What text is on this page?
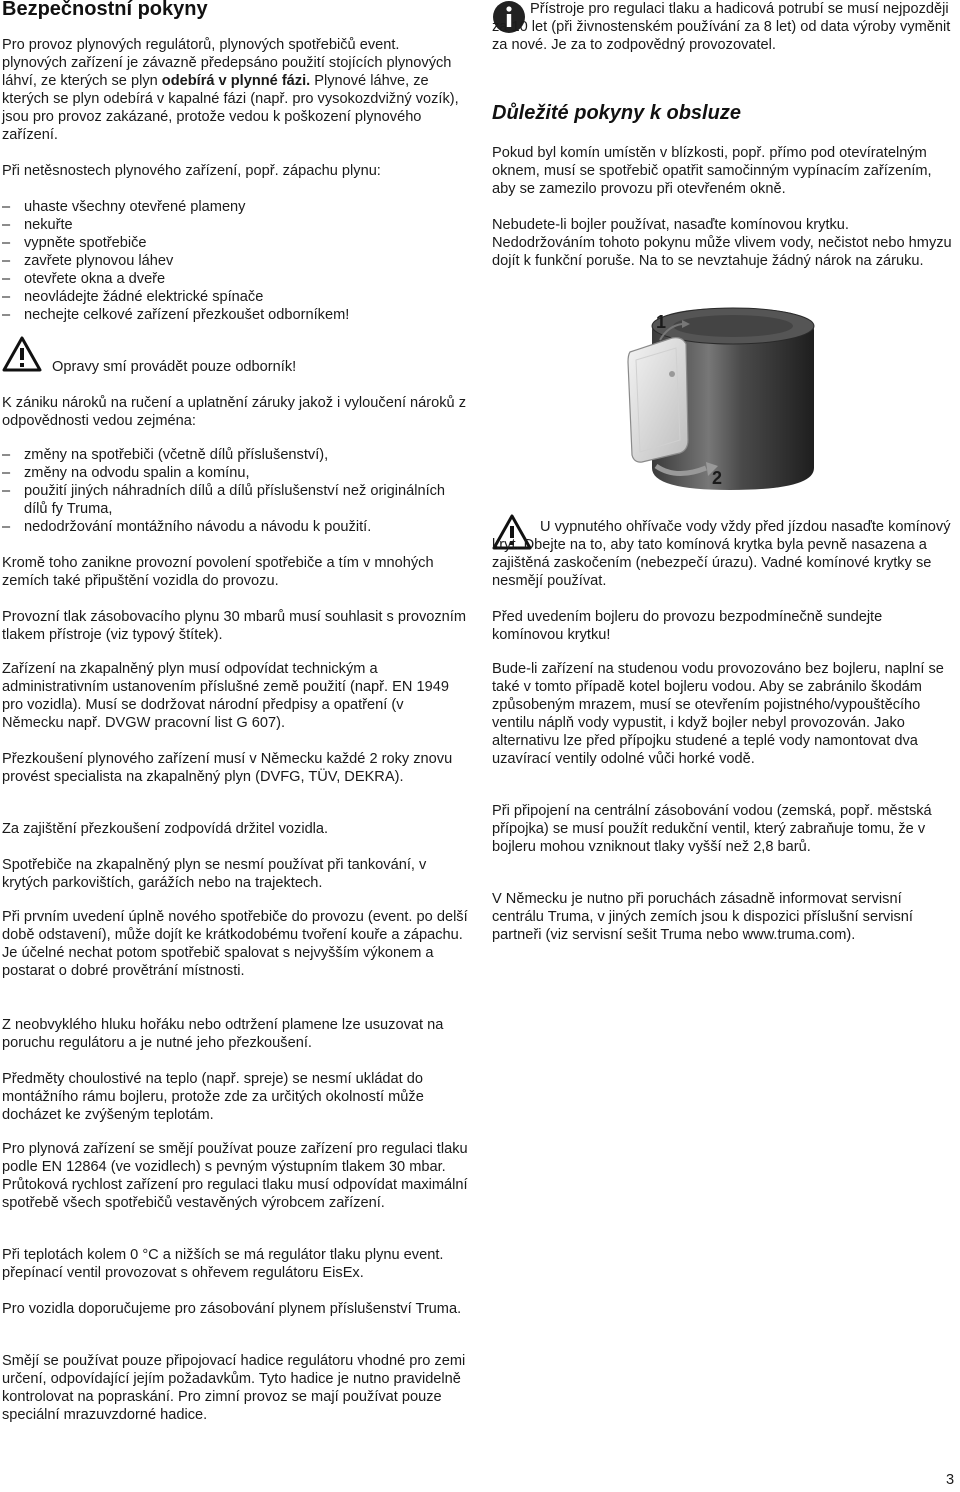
Bezpečnostní pokyny

Pro provoz plynových regulátorů, plynových spotřebičů event. plynových zařízení je závazně předepsáno použití stojících plynových láhví, ze kterých se plyn odebírá v plynné fázi. Plynové láhve, ze kterých se plyn odebírá v kapalné fázi (např. pro vysokozdvižný vozík), jsou pro provoz zakázané, protože vedou k poškození plynového zařízení.

Při netěsnostech plynového zařízení, popř. zápachu plynu:
– uhaste všechny otevřené plameny
– nekuřte
– vypněte spotřebiče
– zavřete plynovou láhev
– otevřete okna a dveře
– neovládejte žádné elektrické spínače
– nechejte celkové zařízení přezkoušet odborníkem!
Opravy smí provádět pouze odborník!
K zániku nároků na ručení a uplatnění záruky jakož i vyloučení nároků z odpovědnosti vedou zejména:
– změny na spotřebiči (včetně dílů příslušenství),
– změny na odvodu spalin a komínu,
– použití jiných náhradních dílů a dílů příslušenství než originálních dílů fy Truma,
– nedodržování montážního návodu a návodu k použití.
Kromě toho zanikne provozní povolení spotřebiče a tím v mnohých zemích také připuštění vozidla do provozu.
Provozní tlak zásobovacího plynu 30 mbarů musí souhlasit s provozním tlakem přístroje (viz typový štítek).
Zařízení na zkapalněný plyn musí odpovídat technickým a administrativním ustanovením příslušné země použití (např. EN 1949 pro vozidla). Musí se dodržovat národní předpisy a opatření (v Německu např. DVGW pracovní list G 607).
Přezkoušení plynového zařízení musí v Německu každé 2 roky znovu provést specialista na zkapalněný plyn (DVFG, TÜV, DEKRA).
Za zajištění přezkoušení zodpovídá držitel vozidla.
Spotřebiče na zkapalněný plyn se nesmí používat při tankování, v krytých parkovištích, garážích nebo na trajektech.
Při prvním uvedení úplně nového spotřebiče do provozu (event. po delší době odstavení), může dojít ke krátkodobému tvoření kouře a zápachu. Je účelné nechat potom spotřebič spalovat s nejvyšším výkonem a postarat o dobré provětrání místnosti.
Z neobvyklého hluku hořáku nebo odtržení plamene lze usuzovat na poruchu regulátoru a je nutné jeho přezkoušení.
Předměty choulostivé na teplo (např. spreje) se nesmí ukládat do montážního rámu bojleru, protože zde za určitých okolností může docházet ke zvýšeným teplotám.
Pro plynová zařízení se smějí používat pouze zařízení pro regulaci tlaku podle EN 12864 (ve vozidlech) s pevným výstupním tlakem 30 mbar. Průtoková rychlost zařízení pro regulaci tlaku musí odpovídat maximální spotřebě všech spotřebičů vestavěných výrobcem zařízení.
Při teplotách kolem 0 °C a nižších se má regulátor tlaku plynu event. přepínací ventil provozovat s ohřevem regulátoru EisEx.
Pro vozidla doporučujeme pro zásobování plynem příslušenství Truma.
Smějí se používat pouze připojovací hadice regulátoru vhodné pro zemi určení, odpovídající jejím požadavkům. Tyto hadice je nutno pravidelně kontrolovat na popraskání. Pro zimní provoz se mají používat pouze speciální mrazuvzdorné hadice.
Přístroje pro regulaci tlaku a hadicová potrubí se musí nejpozději za 10 let (při živnostenském používání za 8 let) od data výroby vyměnit za nové. Je za to zodpovědný provozovatel.
Důležité pokyny k obsluze
Pokud byl komín umístěn v blízkosti, popř. přímo pod otevíratelným oknem, musí se spotřebič opatřit samočinným vypínacím zařízením, aby se zamezilo provozu při otevřeném okně.
Nebudete-li bojler používat, nasaďte komínovou krytku. Nedodržováním tohoto pokynu může vlivem vody, nečistot nebo hmyzu dojít k funkční poruše. Na to se nevztahuje žádný nárok na záruku.
1
2
U vypnutého ohřívače vody vždy před jízdou nasaďte komínový kryt. Dbejte na to, aby tato komínová krytka byla pevně nasazena a zajištěná zaskočením (nebezpečí úrazu). Vadné komínové krytky se nesmějí používat.
Před uvedením bojleru do provozu bezpodmínečně sundejte komínovou krytku!
Bude-li zařízení na studenou vodu provozováno bez bojleru, naplní se také v tomto případě kotel bojleru vodou. Aby se zabránilo škodám způsobeným mrazem, musí se otevřením pojistného/vypouštěcího ventilu náplň vody vypustit, i když bojler nebyl provozován. Jako alternativu lze před přípojku studené a teplé vody namontovat dva uzavírací ventily odolné vůči horké vodě.
Při připojení na centrální zásobování vodou (zemská, popř. městská přípojka) se musí použít redukční ventil, který zabraňuje tomu, že v bojleru mohou vzniknout tlaky vyšší než 2,8 barů.
V Německu je nutno při poruchách zásadně informovat servisní centrálu Truma, v jiných zemích jsou k dispozici příslušní servisní partneři (viz servisní sešit Truma nebo www.truma.com).
3
